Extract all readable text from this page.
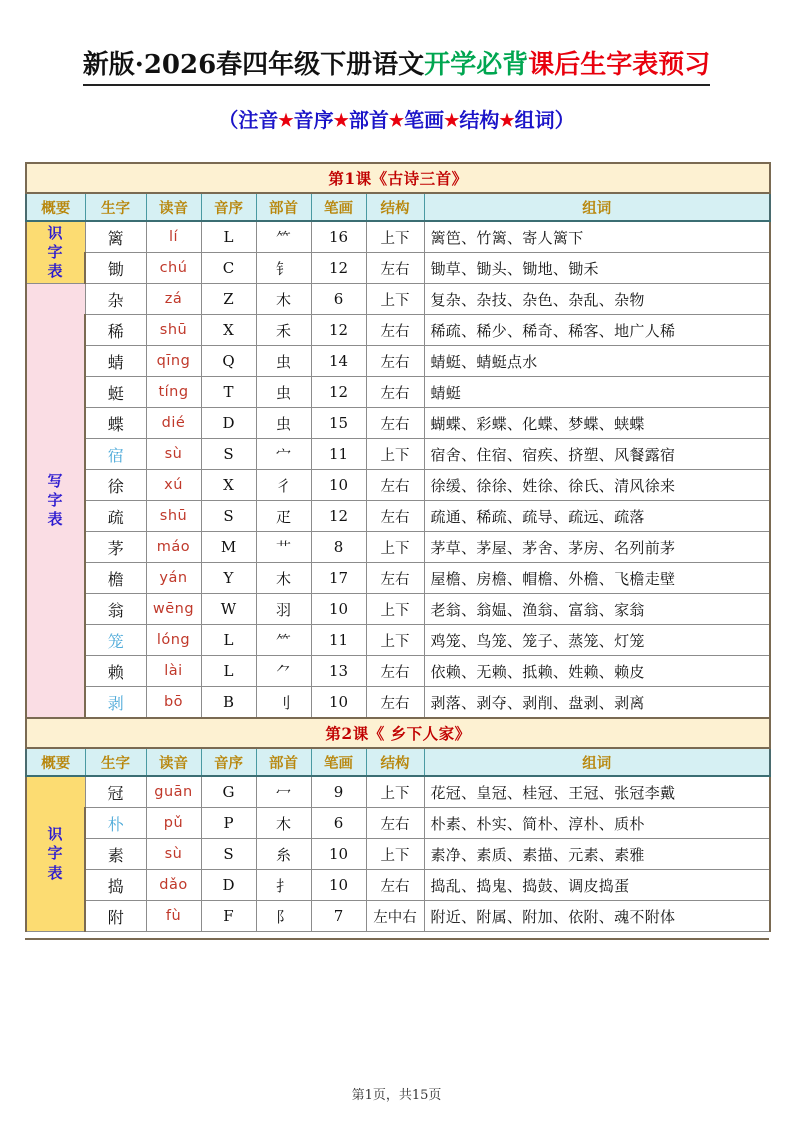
新版·2026春四年级下册语文开学必背课后生字表预习
（注音★音序★部首★笔画★结构★组词）
第1课《古诗三首》							
概要	生字	读音	音序	部首	笔画	结构	组词

识
字
表	篱	lí	L	⺮	16	上下	篱笆、竹篱、寄人篱下
	锄	chú	C	钅	12	左右	锄草、锄头、锄地、锄禾

写
字
表	杂	zá	Z	木	6	上下	复杂、杂技、杂色、杂乱、杂物
	稀	shū	X	禾	12	左右	稀疏、稀少、稀奇、稀客、地广人稀
	蜻	qīng	Q	虫	14	左右	蜻蜓、蜻蜓点水
	蜓	tíng	T	虫	12	左右	蜻蜓
	蝶	dié	D	虫	15	左右	蝴蝶、彩蝶、化蝶、梦蝶、蛱蝶
	宿	sù	S	宀	11	上下	宿舍、住宿、宿疾、挤塑、风餐露宿
	徐	xú	X	彳	10	左右	徐缓、徐徐、姓徐、徐氏、清风徐来
	疏	shū	S	疋	12	左右	疏通、稀疏、疏导、疏远、疏落
	茅	máo	M	艹	8	上下	茅草、茅屋、茅舍、茅房、名列前茅
	檐	yán	Y	木	17	左右	屋檐、房檐、帽檐、外檐、飞檐走壁
	翁	wēng	W	羽	10	上下	老翁、翁媪、渔翁、富翁、家翁
	笼	lóng	L	⺮	11	上下	鸡笼、鸟笼、笼子、蒸笼、灯笼
	赖	lài	L	⺈	13	左右	依赖、无赖、抵赖、姓赖、赖皮
	剥	bō	B	刂	10	左右	剥落、剥夺、剥削、盘剥、剥离
第2课《 乡下人家》							
概要	生字	读音	音序	部首	笔画	结构	组词

识
字
表	冠	guān	G	冖	9	上下	花冠、皇冠、桂冠、王冠、张冠李戴
	朴	pǔ	P	木	6	左右	朴素、朴实、简朴、淳朴、质朴
	素	sù	S	糸	10	上下	素净、素质、素描、元素、素雅
	捣	dǎo	D	扌	10	左右	捣乱、捣鬼、捣鼓、调皮捣蛋
	附	fù	F	阝	7	左中右	附近、附属、附加、依附、魂不附体
第1页，共15页
